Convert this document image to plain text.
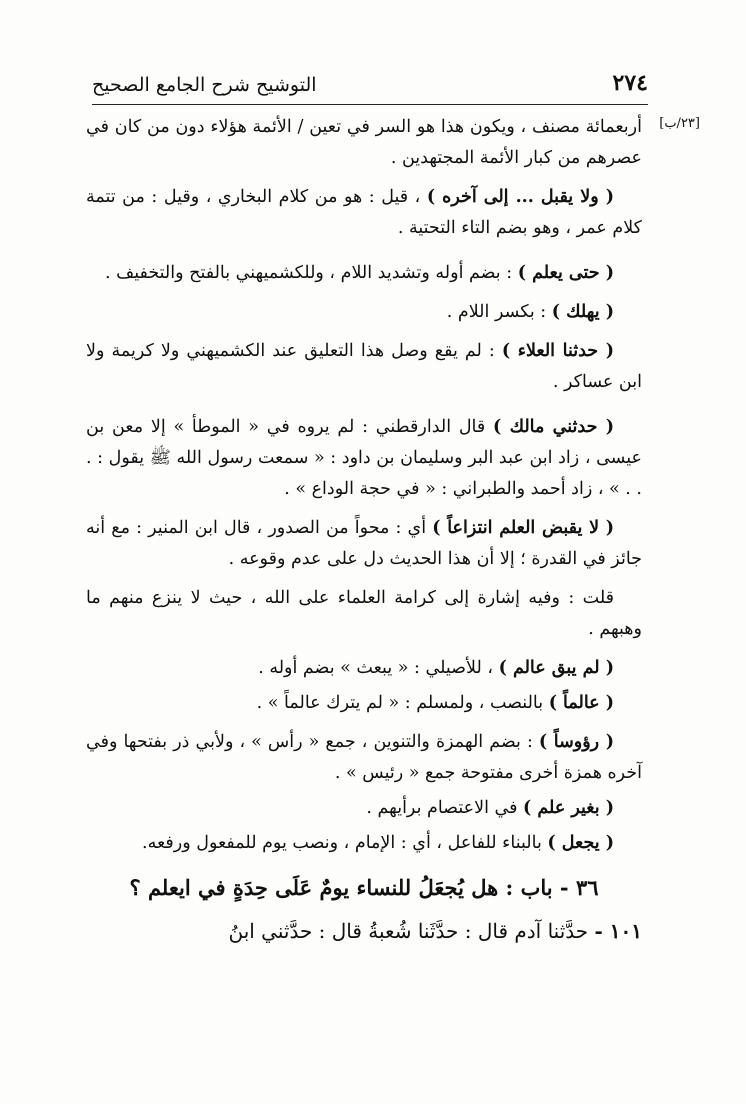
٢٧٤
التوشيح شرح الجامع الصحيح
[٢٣/ب]

أربعمائة مصنف ، ويكون هذا هو السر في تعين / الأئمة هؤلاء دون من كان في عصرهم من كبار الأئمة المجتهدين .

( ولا يقبل ... إلى آخره ) ، قيل : هو من كلام البخاري ، وقيل : من تتمة كلام عمر ، وهو بضم التاء التحتية .

( حتى يعلم ) : بضم أوله وتشديد اللام ، وللكشميهني بالفتح والتخفيف .

( يهلك ) : بكسر اللام .

( حدثنا العلاء ) : لم يقع وصل هذا التعليق عند الكشميهني ولا كريمة ولا ابن عساكر .

( حدثني مالك ) قال الدارقطني : لم يروه في « الموطأ » إلا معن بن عيسى ، زاد ابن عبد البر وسليمان بن داود : « سمعت رسول الله ﷺ يقول : . . . » ، زاد أحمد والطبراني : « في حجة الوداع » .

( لا يقبض العلم انتزاعاً ) أي : محواً من الصدور ، قال ابن المنير : مع أنه جائز في القدرة ؛ إلا أن هذا الحديث دل على عدم وقوعه .

قلت : وفيه إشارة إلى كرامة العلماء على الله ، حيث لا ينزع منهم ما وهبهم .

( لم يبق عالم ) ، للأصيلي : « يبعث » بضم أوله .

( عالماً ) بالنصب ، ولمسلم : « لم يترك عالماً » .

( رؤوساً ) : بضم الهمزة والتنوين ، جمع « رأس » ، ولأبي ذر بفتحها وفي آخره همزة أخرى مفتوحة جمع « رئيس » .

( بغير علم ) في الاعتصام برأيهم .

( يجعل ) بالبناء للفاعل ، أي : الإمام ، ونصب يوم للمفعول ورفعه.

٣٦ - باب : هل يُجعَلُ للنساء يومٌ عَلَى حِدَةٍ في ايعلم ؟

١٠١ - حدَّثنا آدم قال : حدَّثَنا شُعبةُ قال : حدَّثني ابنُ
